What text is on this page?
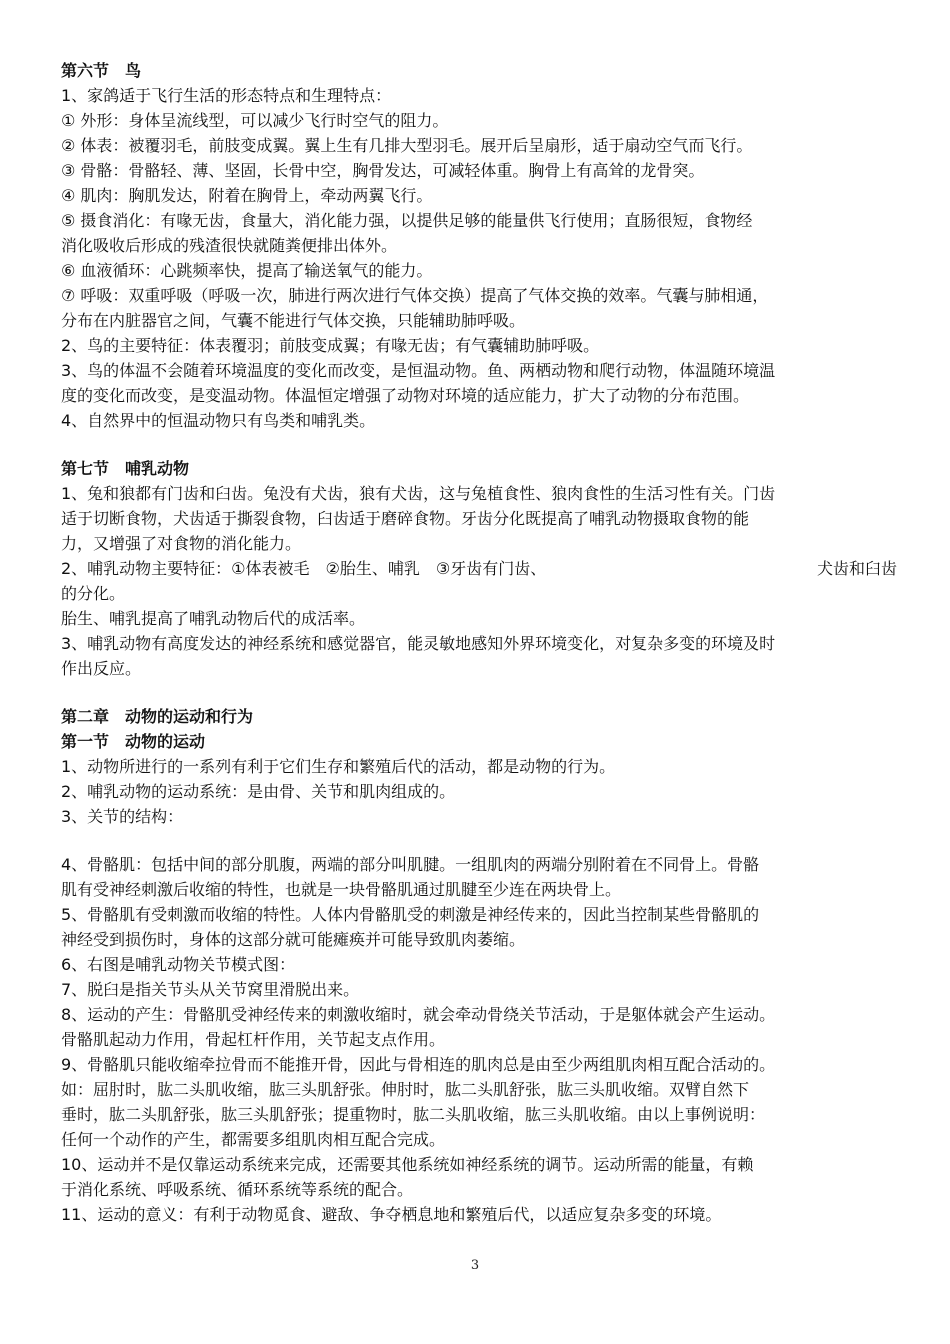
第六节　鸟
1、家鸽适于飞行生活的形态特点和生理特点：
① 外形：身体呈流线型，可以减少飞行时空气的阻力。
② 体表：被覆羽毛，前肢变成翼。翼上生有几排大型羽毛。展开后呈扇形，适于扇动空气而飞行。
③ 骨骼：骨骼轻、薄、坚固，长骨中空，胸骨发达，可减轻体重。胸骨上有高耸的龙骨突。
④ 肌肉：胸肌发达，附着在胸骨上，牵动两翼飞行。
⑤ 摄食消化：有喙无齿，食量大，消化能力强，以提供足够的能量供飞行使用；直肠很短，食物经
消化吸收后形成的残渣很快就随粪便排出体外。
⑥ 血液循环：心跳频率快，提高了输送氧气的能力。
⑦ 呼吸：双重呼吸（呼吸一次，肺进行两次进行气体交换）提高了气体交换的效率。气囊与肺相通，
分布在内脏器官之间，气囊不能进行气体交换，只能辅助肺呼吸。
2、鸟的主要特征：体表覆羽；前肢变成翼；有喙无齿；有气囊辅助肺呼吸。
3、鸟的体温不会随着环境温度的变化而改变，是恒温动物。鱼、两栖动物和爬行动物，体温随环境温
度的变化而改变，是变温动物。体温恒定增强了动物对环境的适应能力，扩大了动物的分布范围。
4、自然界中的恒温动物只有鸟类和哺乳类。
第七节　哺乳动物
1、兔和狼都有门齿和臼齿。兔没有犬齿，狼有犬齿，这与兔植食性、狼肉食性的生活习性有关。门齿
适于切断食物，犬齿适于撕裂食物，臼齿适于磨碎食物。牙齿分化既提高了哺乳动物摄取食物的能
力，又增强了对食物的消化能力。
2、哺乳动物主要特征：①体表被毛　②胎生、哺乳　③牙齿有门齿、	犬齿和臼齿
的分化。
胎生、哺乳提高了哺乳动物后代的成活率。
3、哺乳动物有高度发达的神经系统和感觉器官，能灵敏地感知外界环境变化，对复杂多变的环境及时
作出反应。
第二章　动物的运动和行为
第一节　动物的运动
1、动物所进行的一系列有利于它们生存和繁殖后代的活动，都是动物的行为。
2、哺乳动物的运动系统：是由骨、关节和肌肉组成的。
3、关节的结构：
4、骨骼肌：包括中间的部分肌腹，两端的部分叫肌腱。一组肌肉的两端分别附着在不同骨上。骨骼
肌有受神经刺激后收缩的特性，也就是一块骨骼肌通过肌腱至少连在两块骨上。
5、骨骼肌有受刺激而收缩的特性。人体内骨骼肌受的刺激是神经传来的，因此当控制某些骨骼肌的
神经受到损伤时，身体的这部分就可能瘫痪并可能导致肌肉萎缩。
6、右图是哺乳动物关节模式图：
7、脱臼是指关节头从关节窝里滑脱出来。
8、运动的产生：骨骼肌受神经传来的刺激收缩时，就会牵动骨绕关节活动，于是躯体就会产生运动。
骨骼肌起动力作用，骨起杠杆作用，关节起支点作用。
9、骨骼肌只能收缩牵拉骨而不能推开骨，因此与骨相连的肌肉总是由至少两组肌肉相互配合活动的。
如：屈肘时，肱二头肌收缩，肱三头肌舒张。伸肘时，肱二头肌舒张，肱三头肌收缩。双臂自然下
垂时，肱二头肌舒张，肱三头肌舒张；提重物时，肱二头肌收缩，肱三头肌收缩。由以上事例说明：
任何一个动作的产生，都需要多组肌肉相互配合完成。
10、运动并不是仅靠运动系统来完成，还需要其他系统如神经系统的调节。运动所需的能量，有赖
于消化系统、呼吸系统、循环系统等系统的配合。
11、运动的意义：有利于动物觅食、避敌、争夺栖息地和繁殖后代，以适应复杂多变的环境。
3
